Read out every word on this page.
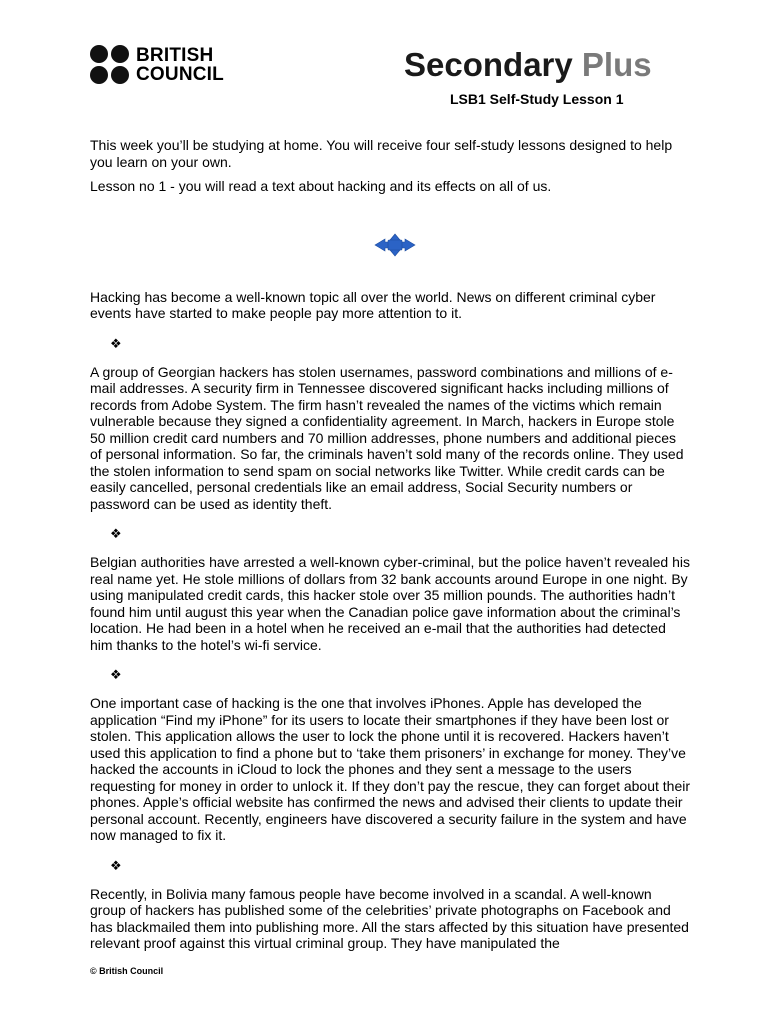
BRITISH
COUNCIL	Secondary Plus
LSB1 Self-Study Lesson 1

This week you’ll be studying at home. You will receive four self-study lessons designed to help you learn on your own.

Lesson no 1 - you will read a text about hacking and its effects on all of us.

Hacking has become a well-known topic all over the world. News on different criminal cyber events have started to make people pay more attention to it.

❖

A group of Georgian hackers has stolen usernames, password combinations and millions of e-mail addresses. A security firm in Tennessee discovered significant hacks including millions of records from Adobe System. The firm hasn’t revealed the names of the victims which remain vulnerable because they signed a confidentiality agreement. In March, hackers in Europe stole 50 million credit card numbers and 70 million addresses, phone numbers and additional pieces of personal information. So far, the criminals haven’t sold many of the records online. They used the stolen information to send spam on social networks like Twitter. While credit cards can be easily cancelled, personal credentials like an email address, Social Security numbers or password can be used as identity theft.

❖

Belgian authorities have arrested a well-known cyber-criminal, but the police haven’t revealed his real name yet. He stole millions of dollars from 32 bank accounts around Europe in one night. By using manipulated credit cards, this hacker stole over 35 million pounds. The authorities hadn’t found him until august this year when the Canadian police gave information about the criminal’s location. He had been in a hotel when he received an e-mail that the authorities had detected him thanks to the hotel’s wi-fi service.

❖

One important case of hacking is the one that involves iPhones. Apple has developed the application “Find my iPhone” for its users to locate their smartphones if they have been lost or stolen. This application allows the user to lock the phone until it is recovered. Hackers haven’t used this application to find a phone but to ‘take them prisoners’ in exchange for money. They’ve hacked the accounts in iCloud to lock the phones and they sent a message to the users requesting for money in order to unlock it. If they don’t pay the rescue, they can forget about their phones. Apple’s official website has confirmed the news and advised their clients to update their personal account. Recently, engineers have discovered a security failure in the system and have now managed to fix it.

❖

Recently, in Bolivia many famous people have become involved in a scandal. A well-known group of hackers has published some of the celebrities’ private photographs on Facebook and has blackmailed them into publishing more. All the stars affected by this situation have presented relevant proof against this virtual criminal group. They have manipulated the

© British Council
